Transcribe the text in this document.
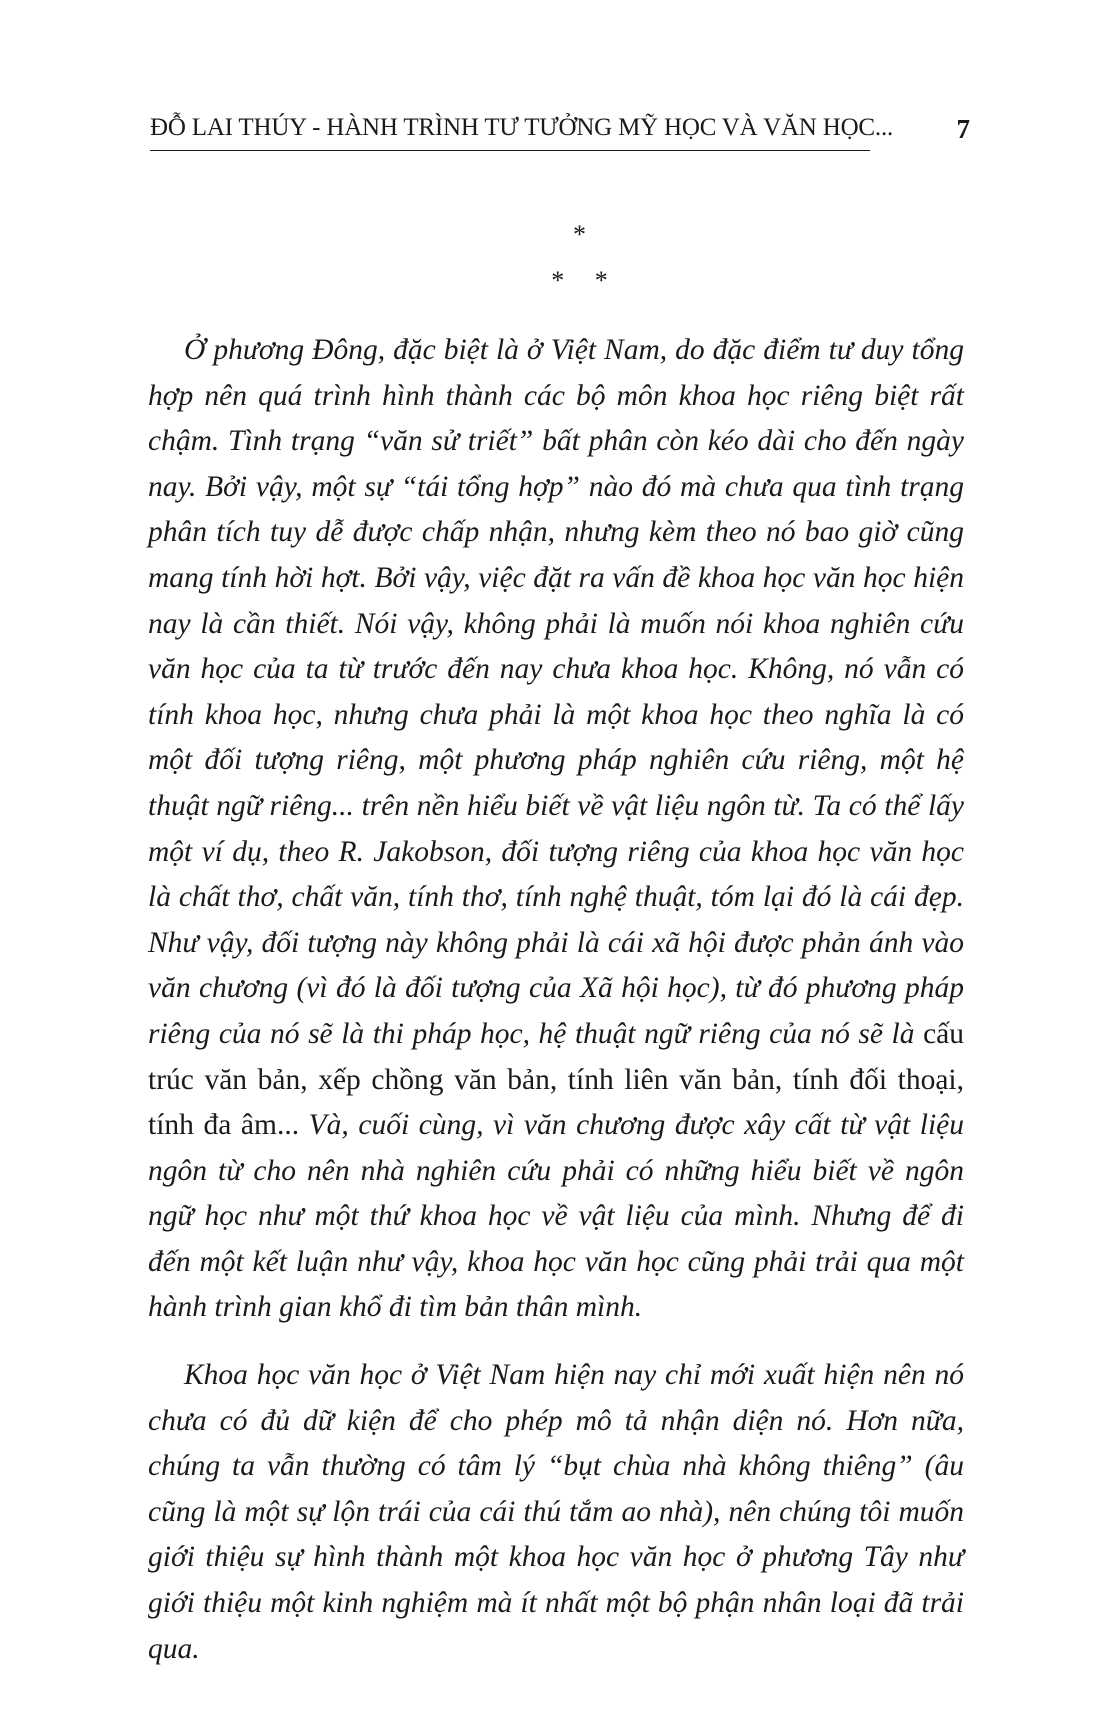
ĐỖ LAI THÚY - HÀNH TRÌNH TƯ TƯỞNG MỸ HỌC VÀ VĂN HỌC... 7
*
* *

Ở phương Đông, đặc biệt là ở Việt Nam, do đặc điểm tư duy tổng hợp nên quá trình hình thành các bộ môn khoa học riêng biệt rất chậm. Tình trạng “văn sử triết” bất phân còn kéo dài cho đến ngày nay. Bởi vậy, một sự “tái tổng hợp” nào đó mà chưa qua tình trạng phân tích tuy dễ được chấp nhận, nhưng kèm theo nó bao giờ cũng mang tính hời hợt. Bởi vậy, việc đặt ra vấn đề khoa học văn học hiện nay là cần thiết. Nói vậy, không phải là muốn nói khoa nghiên cứu văn học của ta từ trước đến nay chưa khoa học. Không, nó vẫn có tính khoa học, nhưng chưa phải là một khoa học theo nghĩa là có một đối tượng riêng, một phương pháp nghiên cứu riêng, một hệ thuật ngữ riêng... trên nền hiểu biết về vật liệu ngôn từ. Ta có thể lấy một ví dụ, theo R. Jakobson, đối tượng riêng của khoa học văn học là chất thơ, chất văn, tính thơ, tính nghệ thuật, tóm lại đó là cái đẹp. Như vậy, đối tượng này không phải là cái xã hội được phản ánh vào văn chương (vì đó là đối tượng của Xã hội học), từ đó phương pháp riêng của nó sẽ là thi pháp học, hệ thuật ngữ riêng của nó sẽ là cấu trúc văn bản, xếp chồng văn bản, tính liên văn bản, tính đối thoại, tính đa âm... Và, cuối cùng, vì văn chương được xây cất từ vật liệu ngôn từ cho nên nhà nghiên cứu phải có những hiểu biết về ngôn ngữ học như một thứ khoa học về vật liệu của mình. Nhưng để đi đến một kết luận như vậy, khoa học văn học cũng phải trải qua một hành trình gian khổ đi tìm bản thân mình.

Khoa học văn học ở Việt Nam hiện nay chỉ mới xuất hiện nên nó chưa có đủ dữ kiện để cho phép mô tả nhận diện nó. Hơn nữa, chúng ta vẫn thường có tâm lý “bụt chùa nhà không thiêng” (âu cũng là một sự lộn trái của cái thú tắm ao nhà), nên chúng tôi muốn giới thiệu sự hình thành một khoa học văn học ở phương Tây như giới thiệu một kinh nghiệm mà ít nhất một bộ phận nhân loại đã trải qua.
